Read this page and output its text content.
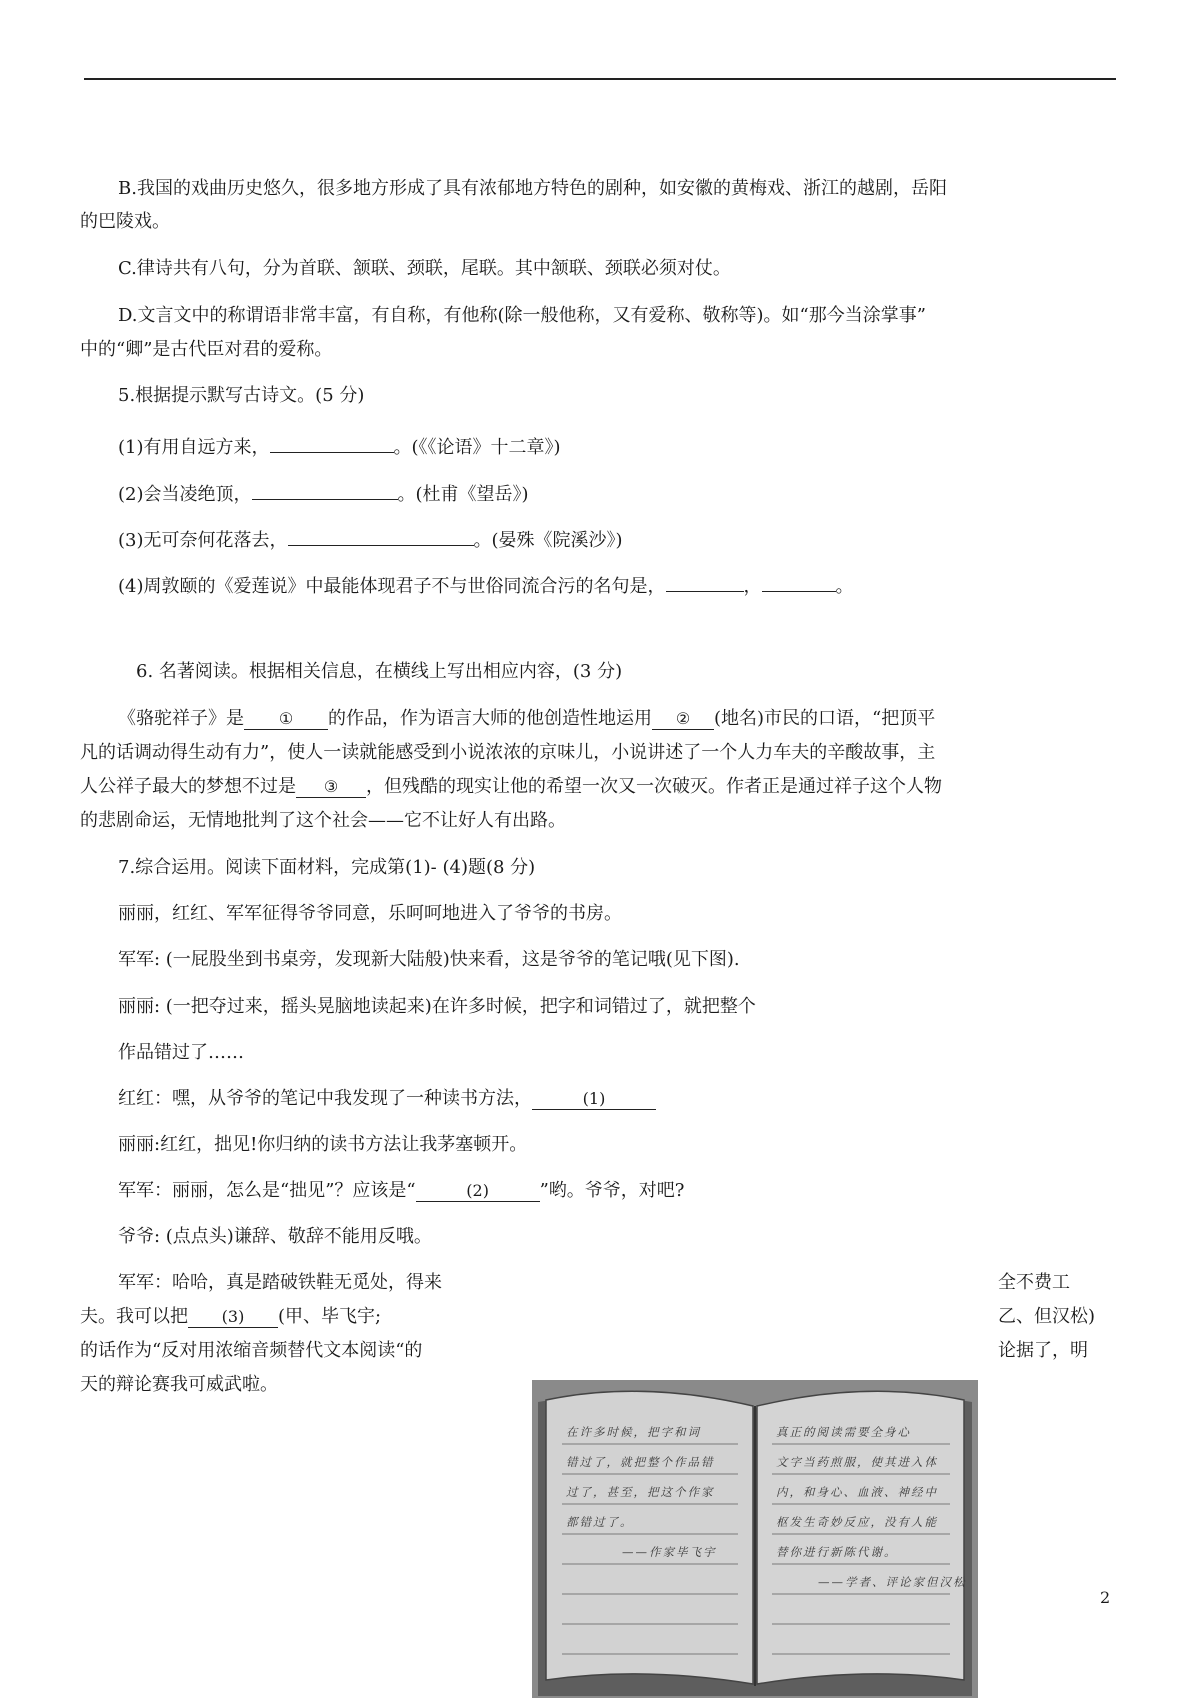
B.我国的戏曲历史悠久，很多地方形成了具有浓郁地方特色的剧种，如安徽的黄梅戏、浙江的越剧，岳阳
的巴陵戏。
C.律诗共有八句，分为首联、颔联、颈联，尾联。其中颔联、颈联必须对仗。
D.文言文中的称谓语非常丰富，有自称，有他称(除一般他称，又有爱称、敬称等)。如“那今当涂掌事”
中的“卿”是古代臣对君的爱称。
5.根据提示默写古诗文。(5 分)
(1)有用自远方来，	。(《《论语》十二章》)
(2)会当凌绝顶，	。(杜甫《望岳》)
(3)无可奈何花落去，	。(晏殊《院溪沙》)
(4)周敦颐的《爱莲说》中最能体现君子不与世俗同流合污的名句是，	，	。
6. 名著阅读。根据相关信息，在横线上写出相应内容，(3 分)
《骆驼祥子》是 ① 的作品，作为语言大师的他创造性地运用 ② (地名)市民的口语，“把顶平
凡的话调动得生动有力”，使人一读就能感受到小说浓浓的京味儿，小说讲述了一个人力车夫的辛酸故事，主
人公祥子最大的梦想不过是 ③ ，但残酷的现实让他的希望一次又一次破灭。作者正是通过祥子这个人物
的悲剧命运，无情地批判了这个社会——它不让好人有出路。
7.综合运用。阅读下面材料，完成第(1)- (4)题(8 分)
丽丽，红红、军军征得爷爷同意，乐呵呵地进入了爷爷的书房。
军军: (一屁股坐到书桌旁，发现新大陆般)快来看，这是爷爷的笔记哦(见下图).
丽丽: (一把夺过来，摇头晃脑地读起来)在许多时候，把字和词错过了，就把整个
作品错过了……
红红：嘿，从爷爷的笔记中我发现了一种读书方法，	(1)
丽丽:红红，拙见!你归纳的读书方法让我茅塞顿开。
军军：丽丽，怎么是“拙见”？应该是“	(2)	”哟。爷爷，对吧?
爷爷: (点点头)谦辞、敬辞不能用反哦。
军军：哈哈，真是踏破铁鞋无觅处，得来	全不费工
夫。我可以把 (3) (甲、毕飞宇;	乙、但汉松)
的话作为“反对用浓缩音频替代文本阅读“的	论据了，明
天的辩论赛我可威武啦。
在许多时候，把字和词
错过了，就把整个作品错
过了，甚至，把这个作家
都错过了。
——作家毕飞宇
真正的阅读需要全身心
文字当药煎服，使其进入体
内，和身心、血液、神经中
枢发生奇妙反应，没有人能
替你进行新陈代谢。
——学者、评论家但汉松
2
